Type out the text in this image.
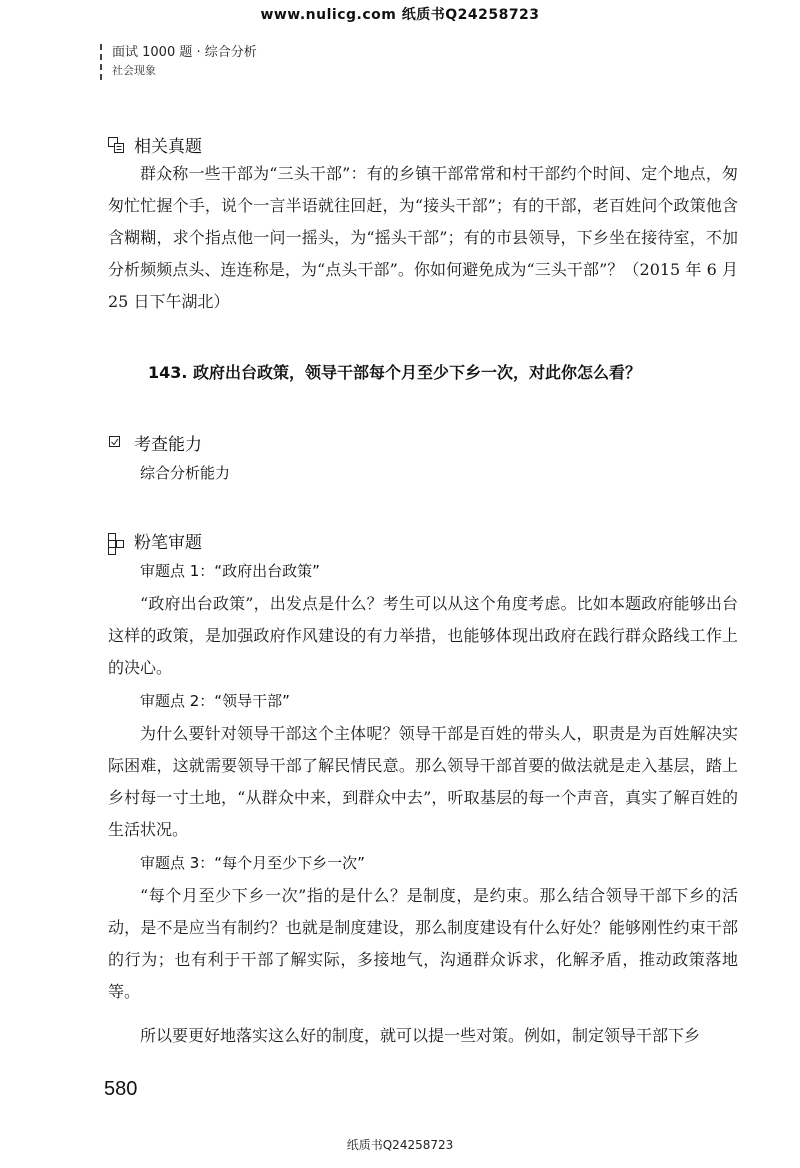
www.nulicg.com 纸质书Q24258723
面试 1000 题 · 综合分析
社会现象
相关真题
群众称一些干部为“三头干部”：有的乡镇干部常常和村干部约个时间、定个地点，匆匆忙忙握个手，说个一言半语就往回赶，为“接头干部”；有的干部，老百姓问个政策他含含糊糊，求个指点他一问一摇头，为“摇头干部”；有的市县领导，下乡坐在接待室，不加分析频频点头、连连称是，为“点头干部”。你如何避免成为“三头干部”？（2015 年 6 月 25 日下午湖北）
143. 政府出台政策，领导干部每个月至少下乡一次，对此你怎么看？
考查能力
综合分析能力
粉笔审题
审题点 1：“政府出台政策”
“政府出台政策”，出发点是什么？考生可以从这个角度考虑。比如本题政府能够出台这样的政策，是加强政府作风建设的有力举措，也能够体现出政府在践行群众路线工作上的决心。
审题点 2：“领导干部”
为什么要针对领导干部这个主体呢？领导干部是百姓的带头人，职责是为百姓解决实际困难，这就需要领导干部了解民情民意。那么领导干部首要的做法就是走入基层，踏上乡村每一寸土地，“从群众中来，到群众中去”，听取基层的每一个声音，真实了解百姓的生活状况。
审题点 3：“每个月至少下乡一次”
“每个月至少下乡一次”指的是什么？是制度，是约束。那么结合领导干部下乡的活动，是不是应当有制约？也就是制度建设，那么制度建设有什么好处？能够刚性约束干部的行为；也有利于干部了解实际，多接地气，沟通群众诉求，化解矛盾，推动政策落地等。
所以要更好地落实这么好的制度，就可以提一些对策。例如，制定领导干部下乡
580
纸质书Q24258723
